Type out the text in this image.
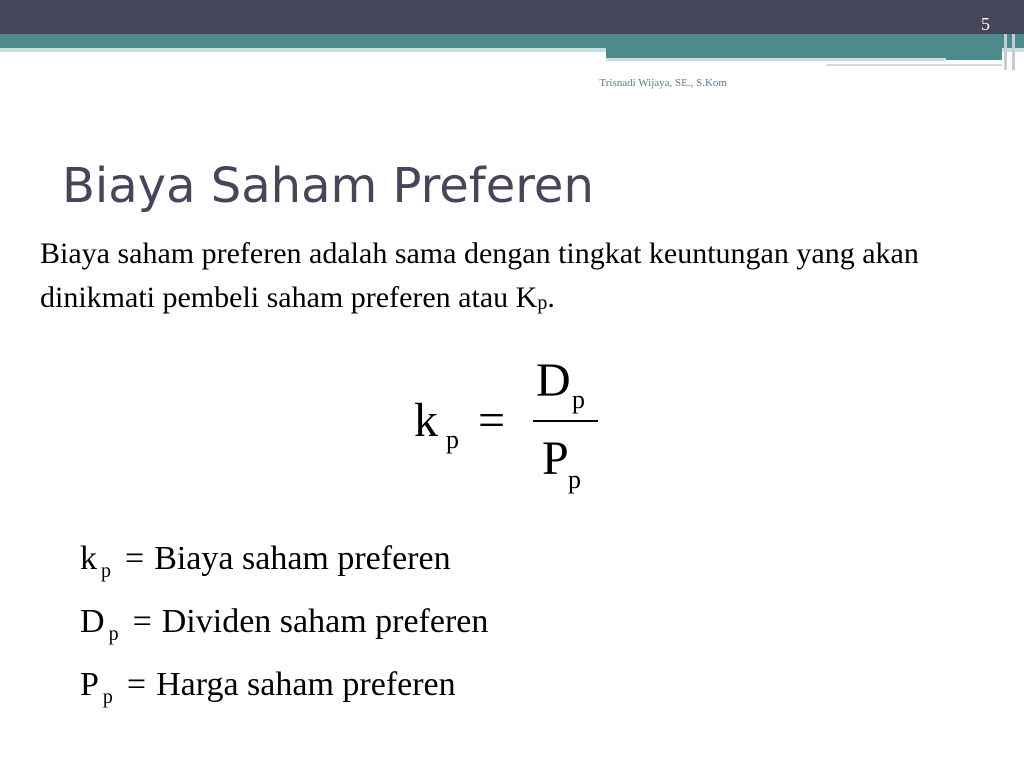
5
Trisnadi Wijaya, SE., S.Kom
Biaya Saham Preferen
Biaya saham preferen adalah sama dengan tingkat keuntungan yang akan dinikmati pembeli saham preferen atau Kp.
k p =
D p
P p
k $_p$ = Biaya saham preferen
D $_p$ = Dividen saham preferen
P $_p$ = Harga saham preferen
